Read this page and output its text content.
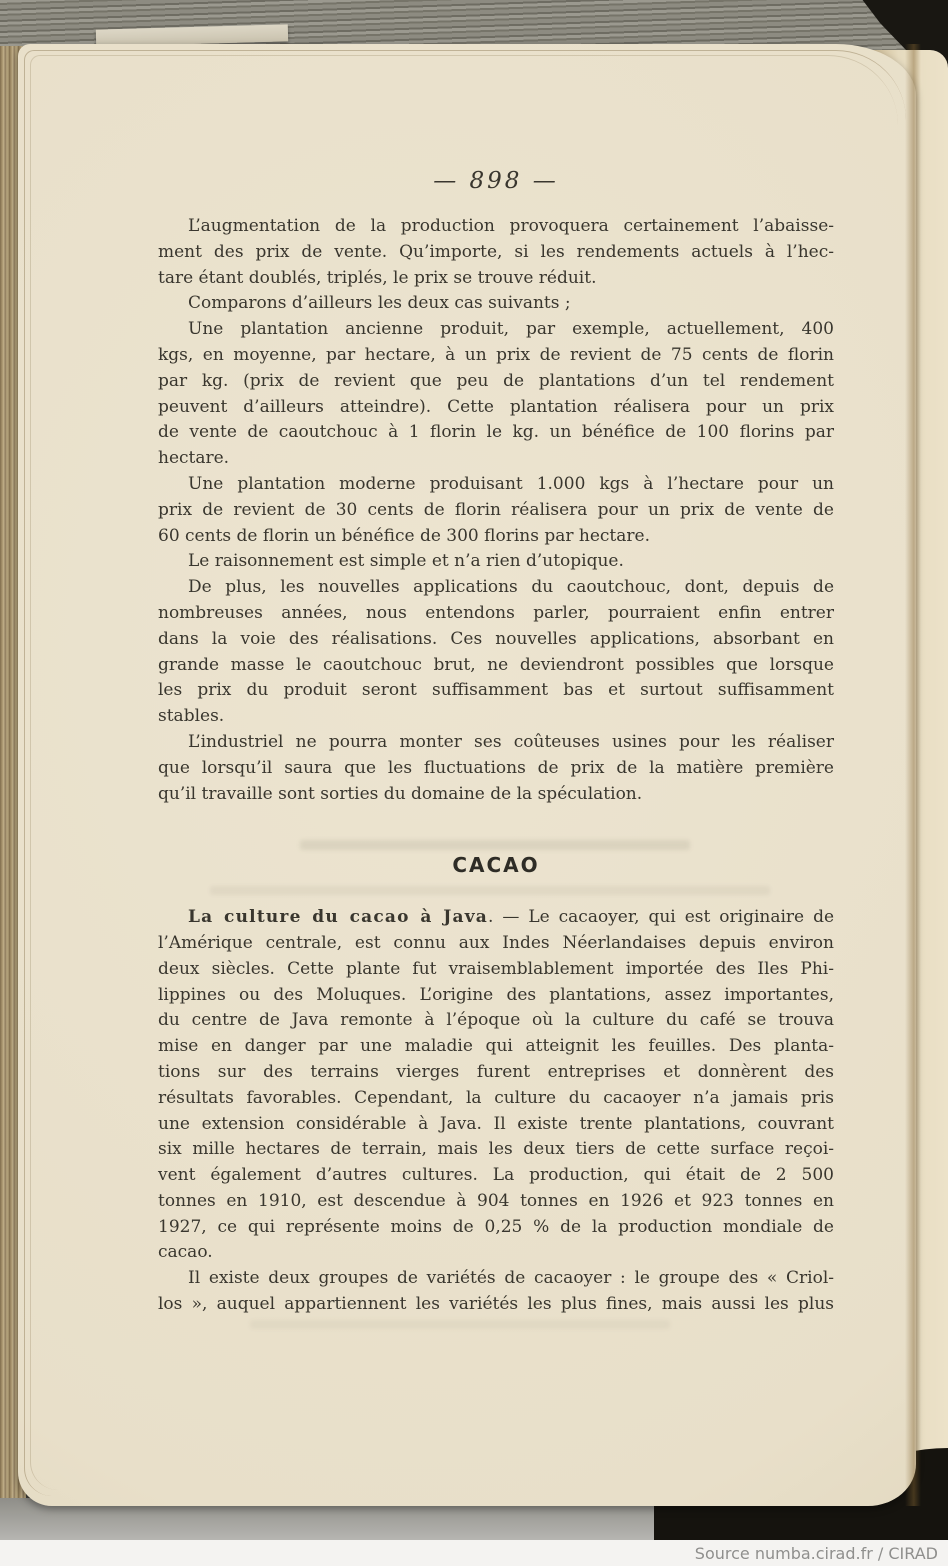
— 898 —
L’augmentation de la production provoquera certainement l’abaisse-
ment des prix de vente. Qu’importe, si les rendements actuels à l’hec-
tare étant doublés, triplés, le prix se trouve réduit.
Comparons d’ailleurs les deux cas suivants ;
Une plantation ancienne produit, par exemple, actuellement, 400
kgs, en moyenne, par hectare, à un prix de revient de 75 cents de florin
par kg. (prix de revient que peu de plantations d’un tel rendement
peuvent d’ailleurs atteindre). Cette plantation réalisera pour un prix
de vente de caoutchouc à 1 florin le kg. un bénéfice de 100 florins par
hectare.
Une plantation moderne produisant 1.000 kgs à l’hectare pour un
prix de revient de 30 cents de florin réalisera pour un prix de vente de
60 cents de florin un bénéfice de 300 florins par hectare.
Le raisonnement est simple et n’a rien d’utopique.
De plus, les nouvelles applications du caoutchouc, dont, depuis de
nombreuses années, nous entendons parler, pourraient enfin entrer
dans la voie des réalisations. Ces nouvelles applications, absorbant en
grande masse le caoutchouc brut, ne deviendront possibles que lorsque
les prix du produit seront suffisamment bas et surtout suffisamment
stables.
L’industriel ne pourra monter ses coûteuses usines pour les réaliser
que lorsqu’il saura que les fluctuations de prix de la matière première
qu’il travaille sont sorties du domaine de la spéculation.
CACAO
La culture du cacao à Java. — Le cacaoyer, qui est originaire de
l’Amérique centrale, est connu aux Indes Néerlandaises depuis environ
deux siècles. Cette plante fut vraisemblablement importée des Iles Phi-
lippines ou des Moluques. L’origine des plantations, assez importantes,
du centre de Java remonte à l’époque où la culture du café se trouva
mise en danger par une maladie qui atteignit les feuilles. Des planta-
tions sur des terrains vierges furent entreprises et donnèrent des
résultats favorables. Cependant, la culture du cacaoyer n’a jamais pris
une extension considérable à Java. Il existe trente plantations, couvrant
six mille hectares de terrain, mais les deux tiers de cette surface reçoi-
vent également d’autres cultures. La production, qui était de 2 500
tonnes en 1910, est descendue à 904 tonnes en 1926 et 923 tonnes en
1927, ce qui représente moins de 0,25 % de la production mondiale de
cacao.
Il existe deux groupes de variétés de cacaoyer : le groupe des « Criol-
los », auquel appartiennent les variétés les plus fines, mais aussi les plus
Source numba.cirad.fr / CIRAD
